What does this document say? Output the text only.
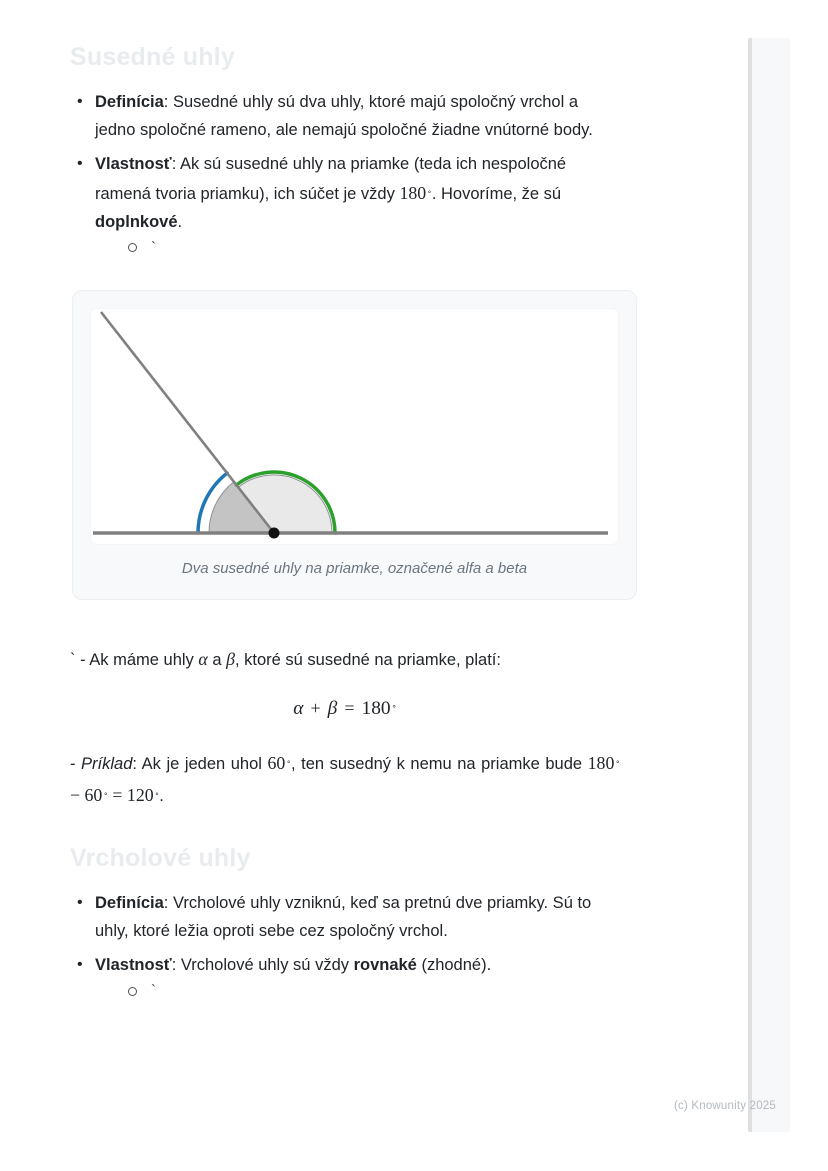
Susedné uhly
• Definícia: Susedné uhly sú dva uhly, ktoré majú spoločný vrchol a jedno spoločné rameno, ale nemajú spoločné žiadne vnútorné body.
• Vlastnosť: Ak sú susedné uhly na priamke (teda ich nespoločné ramená tvoria priamku), ich súčet je vždy 180∘. Hovoríme, že sú doplnkové.
`
Dva susedné uhly na priamke, označené alfa a beta

` - Ak máme uhly α a β, ktoré sú susedné na priamke, platí:

α + β = 180∘

- Príklad: Ak je jeden uhol 60∘, ten susedný k nemu na priamke bude 180∘ − 60∘ = 120∘.

Vrcholové uhly
• Definícia: Vrcholové uhly vzniknú, keď sa pretnú dve priamky. Sú to uhly, ktoré ležia oproti sebe cez spoločný vrchol.
• Vlastnosť: Vrcholové uhly sú vždy rovnaké (zhodné).
`
(c) Knowunity 2025
